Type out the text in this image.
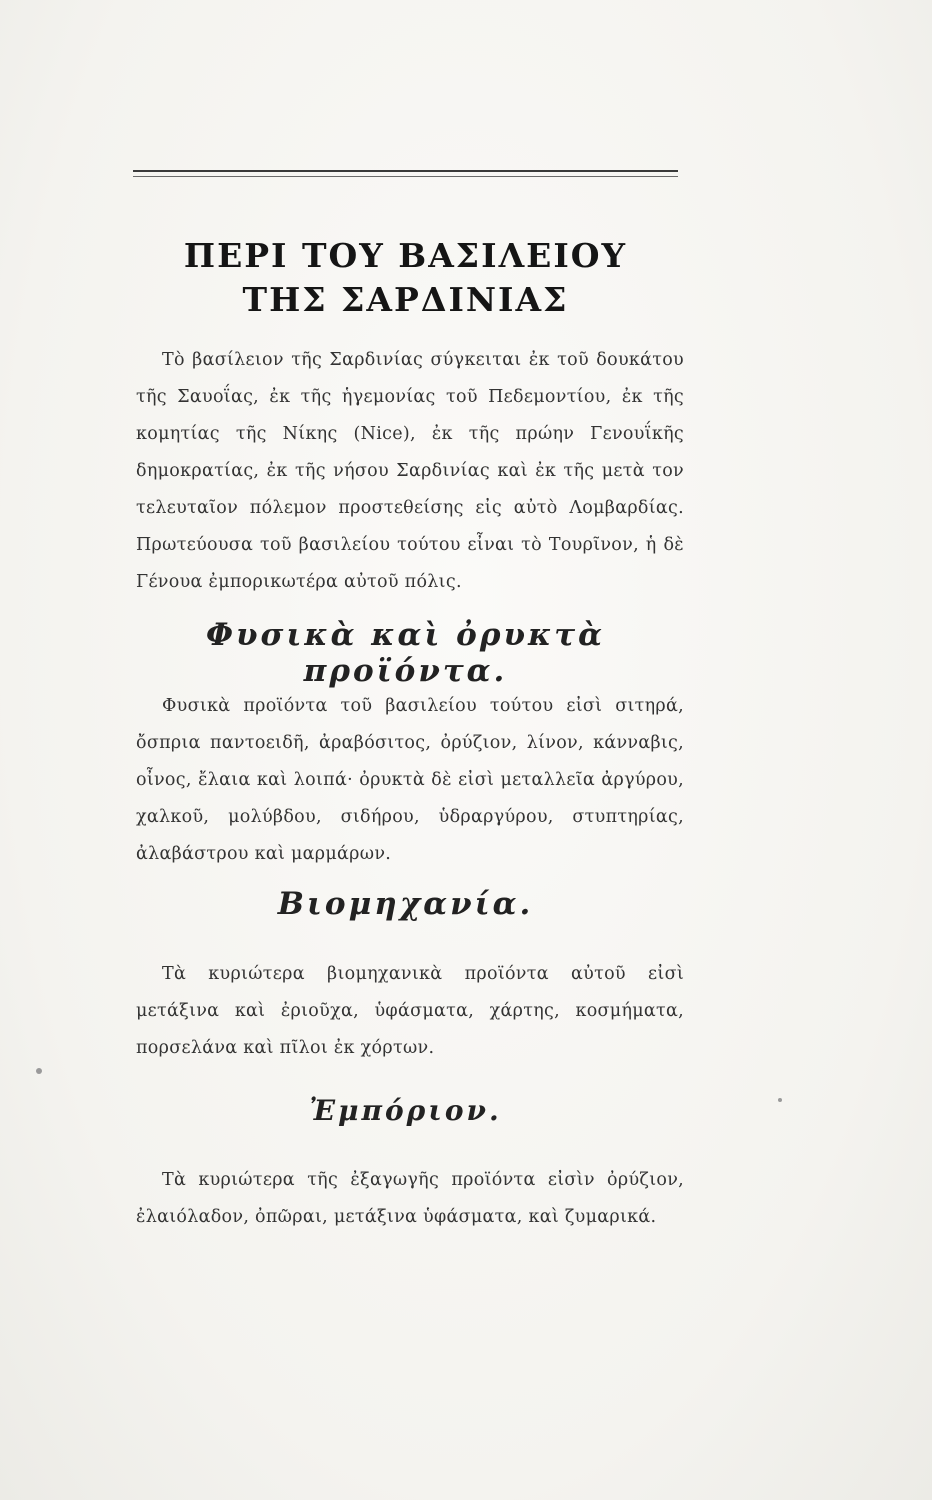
ΠΕΡΙ ΤΟΥ ΒΑΣΙΛΕΙΟΥ
ΤΗΣ ΣΑΡΔΙΝΙΑΣ

Τὸ βασίλειον τῆς Σαρδινίας σύγκειται ἐκ τοῦ δουκάτου τῆς Σαυοΐας, ἐκ τῆς ἡγεμονίας τοῦ Πεδεμοντίου, ἐκ τῆς κομητίας τῆς Νίκης (Nice), ἐκ τῆς πρώην Γενουΐκῆς δημοκρατίας, ἐκ τῆς νήσου Σαρδινίας καὶ ἐκ τῆς μετὰ τον τελευταῖον πόλεμον προστεθείσης εἰς αὐτὸ Λομβαρδίας. Πρωτεύουσα τοῦ βασιλείου τούτου εἶναι τὸ Τουρῖνον, ἡ δὲ Γένουα ἐμπορικωτέρα αὐτοῦ πόλις.

Φυσικὰ καὶ ὀρυκτὰ προϊόντα.

Φυσικὰ προϊόντα τοῦ βασιλείου τούτου εἰσὶ σιτηρά, ὄσπρια παντοειδῆ, ἀραβόσιτος, ὀρύζιον, λίνον, κάνναβις, οἶνος, ἔλαια καὶ λοιπά· ὀρυκτὰ δὲ εἰσὶ μεταλλεῖα ἀργύρου, χαλκοῦ, μολύβδου, σιδήρου, ὑδραργύρου, στυπτηρίας, ἀλαβάστρου καὶ μαρμάρων.

Βιομηχανία.

Τὰ κυριώτερα βιομηχανικὰ προϊόντα αὐτοῦ εἰσὶ μετάξινα καὶ ἐριοῦχα, ὑφάσματα, χάρτης, κοσμήματα, πορσελάνα καὶ πῖλοι ἐκ χόρτων.

Ἐμπόριον.

Τὰ κυριώτερα τῆς ἐξαγωγῆς προϊόντα εἰσὶν ὀρύζιον, ἐλαιόλαδον, ὀπῶραι, μετάξινα ὑφάσματα, καὶ ζυμαρικά.
